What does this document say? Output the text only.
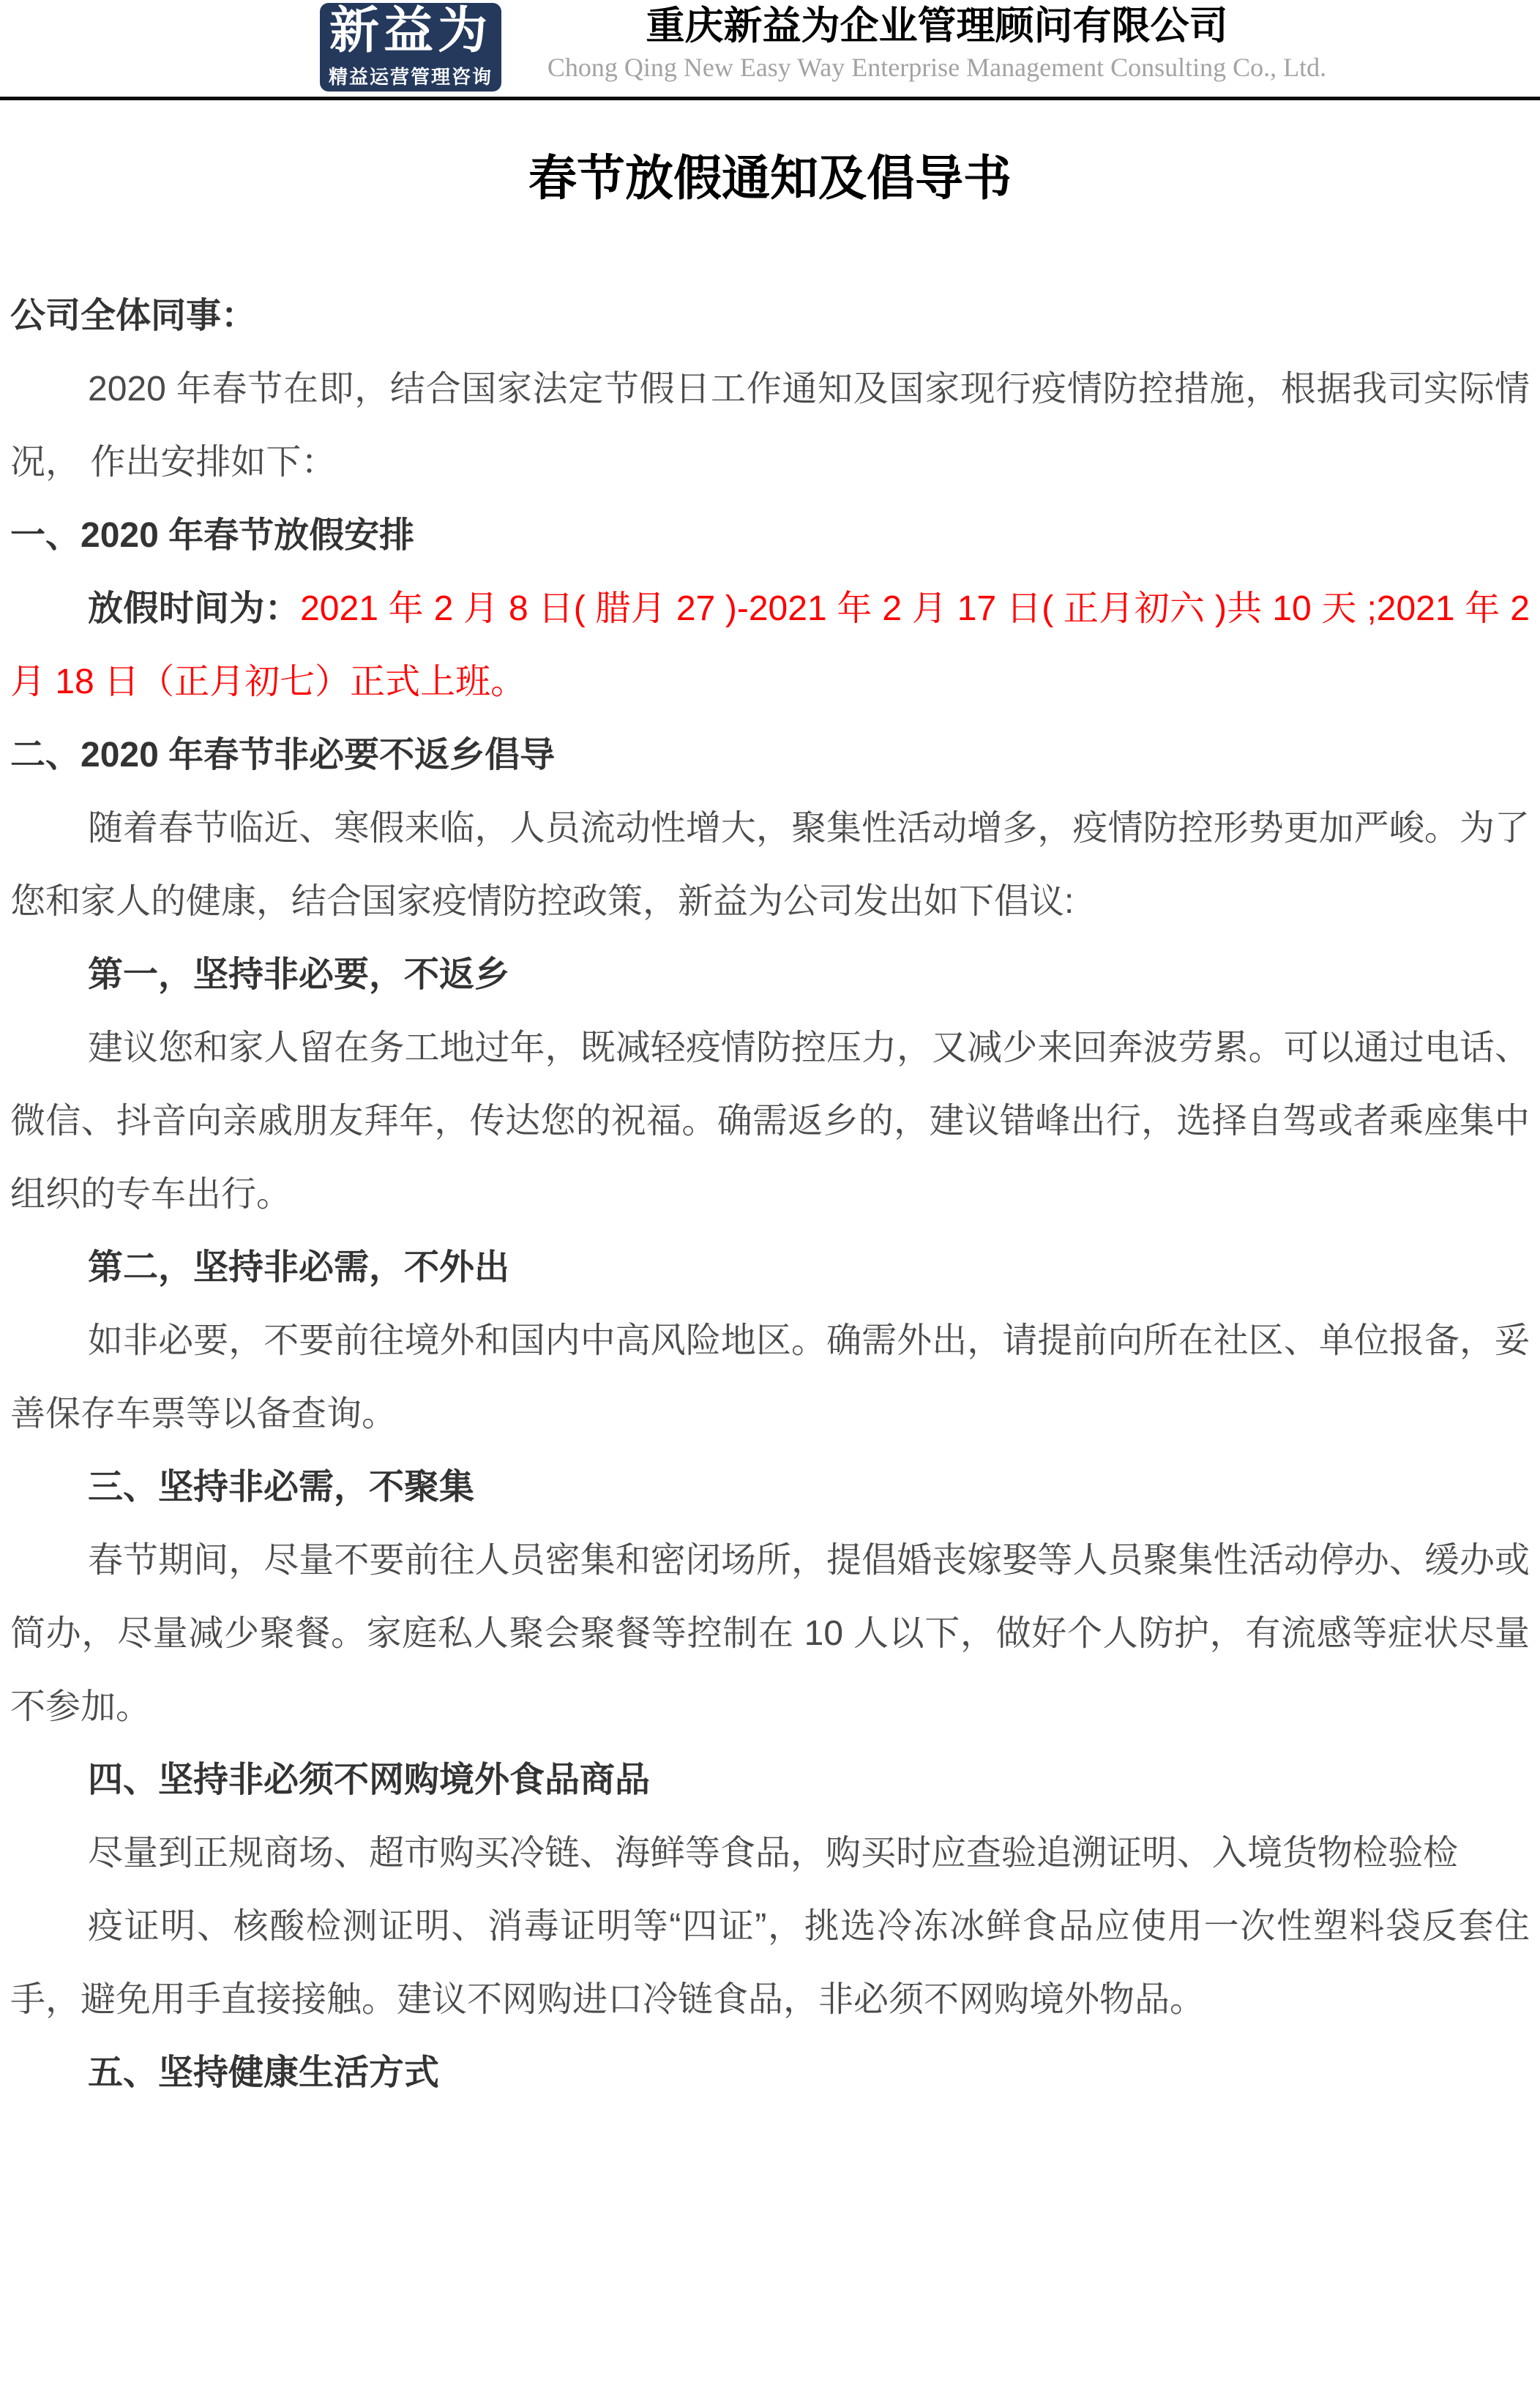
新益为
精益运营管理咨询
重庆新益为企业管理顾问有限公司
Chong Qing New Easy Way Enterprise Management Consulting Co., Ltd.
春节放假通知及倡导书
公司全体同事：

2020 年春节在即，结合国家法定节假日工作通知及国家现行疫情防控措施，根据我司实际情况， 作出安排如下：

一、2020 年春节放假安排

放假时间为：2021 年 2 月 8 日( 腊月 27 )-2021 年 2 月 17 日( 正月初六 )共 10 天 ;2021 年 2 月 18 日（正月初七）正式上班。

二、2020 年春节非必要不返乡倡导

随着春节临近、寒假来临，人员流动性增大，聚集性活动增多，疫情防控形势更加严峻。为了您和家人的健康，结合国家疫情防控政策，新益为公司发出如下倡议:

第一，坚持非必要，不返乡

建议您和家人留在务工地过年，既减轻疫情防控压力，又减少来回奔波劳累。可以通过电话、微信、抖音向亲戚朋友拜年，传达您的祝福。确需返乡的，建议错峰出行，选择自驾或者乘座集中组织的专车出行。

第二，坚持非必需，不外出

如非必要，不要前往境外和国内中高风险地区。确需外出，请提前向所在社区、单位报备，妥善保存车票等以备查询。

三、坚持非必需，不聚集

春节期间，尽量不要前往人员密集和密闭场所，提倡婚丧嫁娶等人员聚集性活动停办、缓办或简办，尽量减少聚餐。家庭私人聚会聚餐等控制在 10 人以下，做好个人防护，有流感等症状尽量不参加。

四、坚持非必须不网购境外食品商品

尽量到正规商场、超市购买冷链、海鲜等食品，购买时应查验追溯证明、入境货物检验检

疫证明、核酸检测证明、消毒证明等“四证”，挑选冷冻冰鲜食品应使用一次性塑料袋反套住手，避免用手直接接触。建议不网购进口冷链食品，非必须不网购境外物品。

五、坚持健康生活方式
